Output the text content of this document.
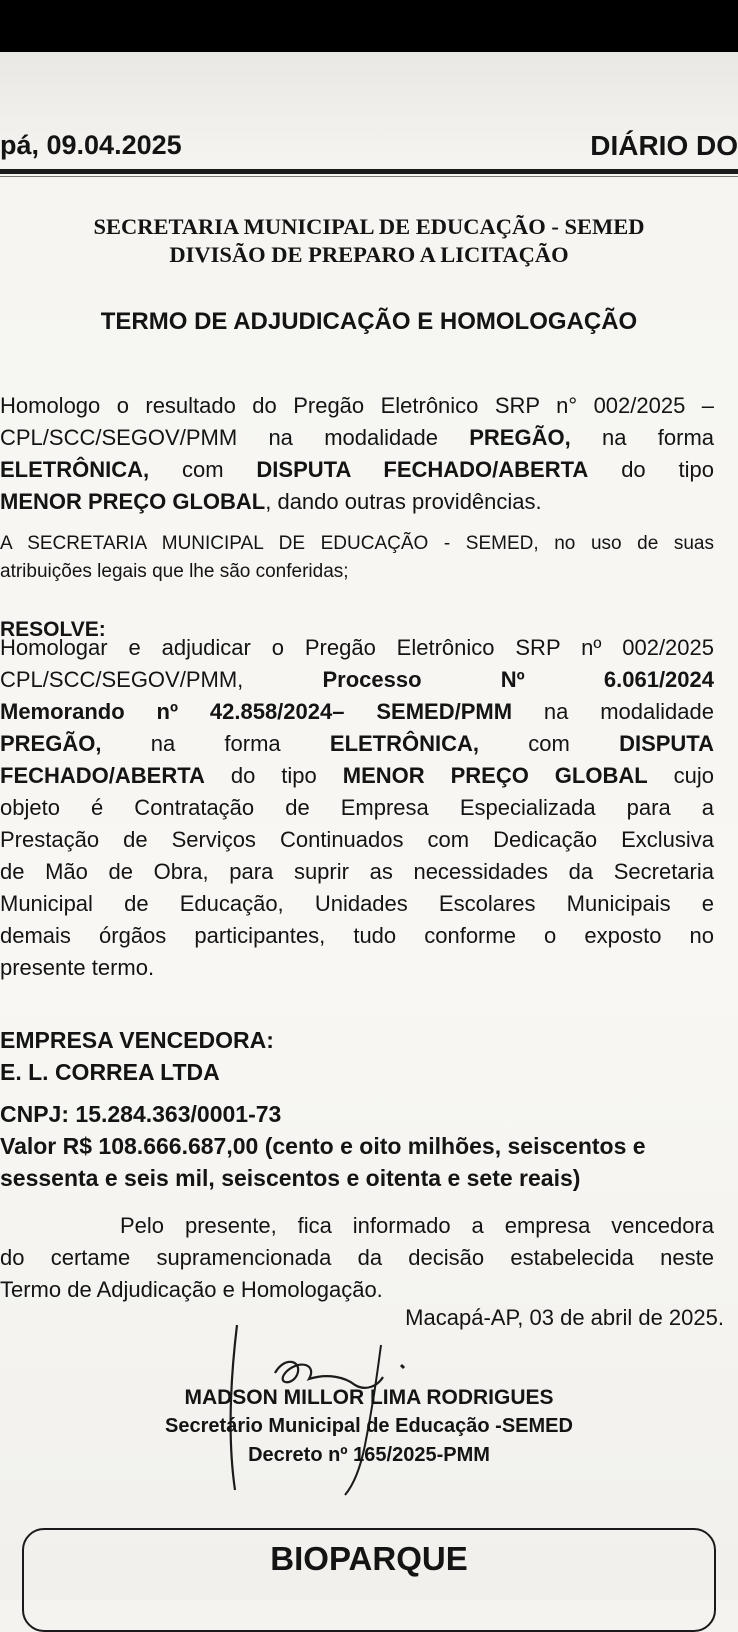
pá, 09.04.2025	DIÁRIO DO
SECRETARIA MUNICIPAL DE EDUCAÇÃO - SEMED
DIVISÃO DE PREPARO A LICITAÇÃO
TERMO DE ADJUDICAÇÃO E HOMOLOGAÇÃO
Homologo o resultado do Pregão Eletrônico SRP n° 002/2025 –
CPL/SCC/SEGOV/PMM na modalidade PREGÃO, na forma
ELETRÔNICA, com DISPUTA FECHADO/ABERTA do tipo
MENOR PREÇO GLOBAL, dando outras providências.
A SECRETARIA MUNICIPAL DE EDUCAÇÃO - SEMED, no uso de suas
atribuições legais que lhe são conferidas;
RESOLVE:
Homologar e adjudicar o Pregão Eletrônico SRP nº 002/2025
CPL/SCC/SEGOV/PMM,	Processo	Nº	6.061/2024
Memorando nº 42.858/2024– SEMED/PMM na modalidade
PREGÃO, na forma ELETRÔNICA, com DISPUTA
FECHADO/ABERTA do tipo MENOR PREÇO GLOBAL cujo
objeto é Contratação de Empresa Especializada para a
Prestação de Serviços Continuados com Dedicação Exclusiva
de Mão de Obra, para suprir as necessidades da Secretaria
Municipal de Educação, Unidades Escolares Municipais e
demais órgãos participantes, tudo conforme o exposto no
presente termo.
EMPRESA VENCEDORA:
E. L. CORREA LTDA
CNPJ: 15.284.363/0001-73
Valor R$ 108.666.687,00 (cento e oito milhões, seiscentos e
sessenta e seis mil, seiscentos e oitenta e sete reais)
Pelo presente, fica informado a empresa vencedora
do certame supramencionada da decisão estabelecida neste
Termo de Adjudicação e Homologação.
Macapá-AP, 03 de abril de 2025.
MADSON MILLOR LIMA RODRIGUES
Secretário Municipal de Educação -SEMED
Decreto nº 165/2025-PMM
BIOPARQUE
